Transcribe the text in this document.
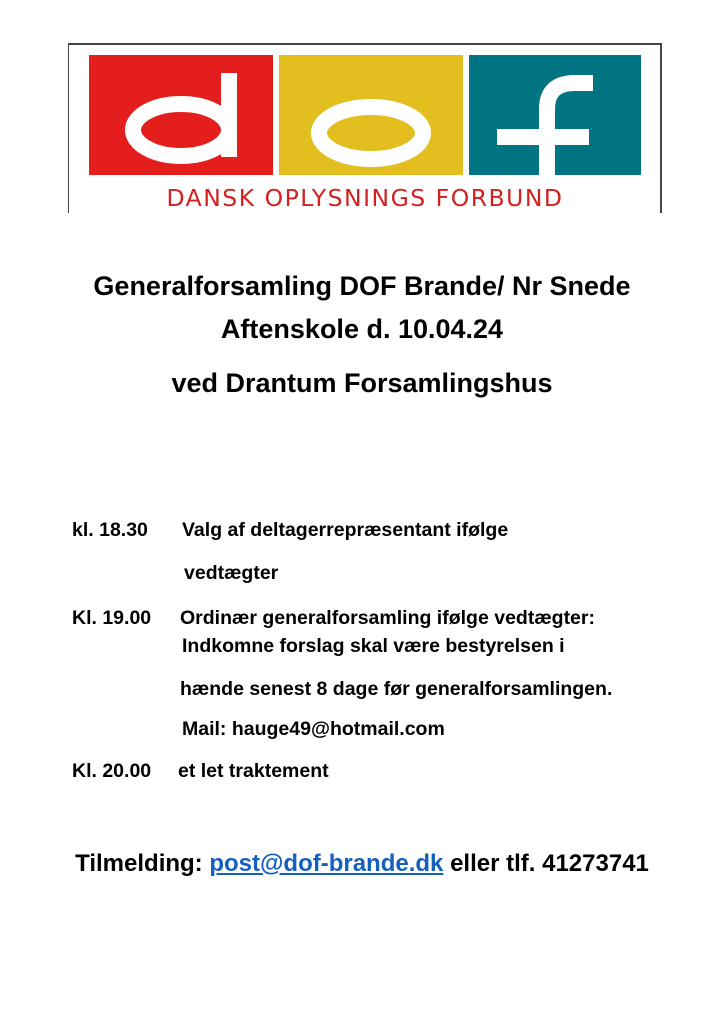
DANSK OPLYSNINGS FORBUND
Generalforsamling DOF Brande/ Nr Snede
Aftenskole d. 10.04.24
ved Drantum Forsamlingshus
kl. 18.30 Valg af deltagerrepræsentant ifølge
vedtægter
Kl. 19.00 Ordinær generalforsamling ifølge vedtægter:
Indkomne forslag skal være bestyrelsen i
hænde senest 8 dage før generalforsamlingen.
Mail: hauge49@hotmail.com
Kl. 20.00 et let traktement
Tilmelding: post@dof-brande.dk eller tlf. 41273741
